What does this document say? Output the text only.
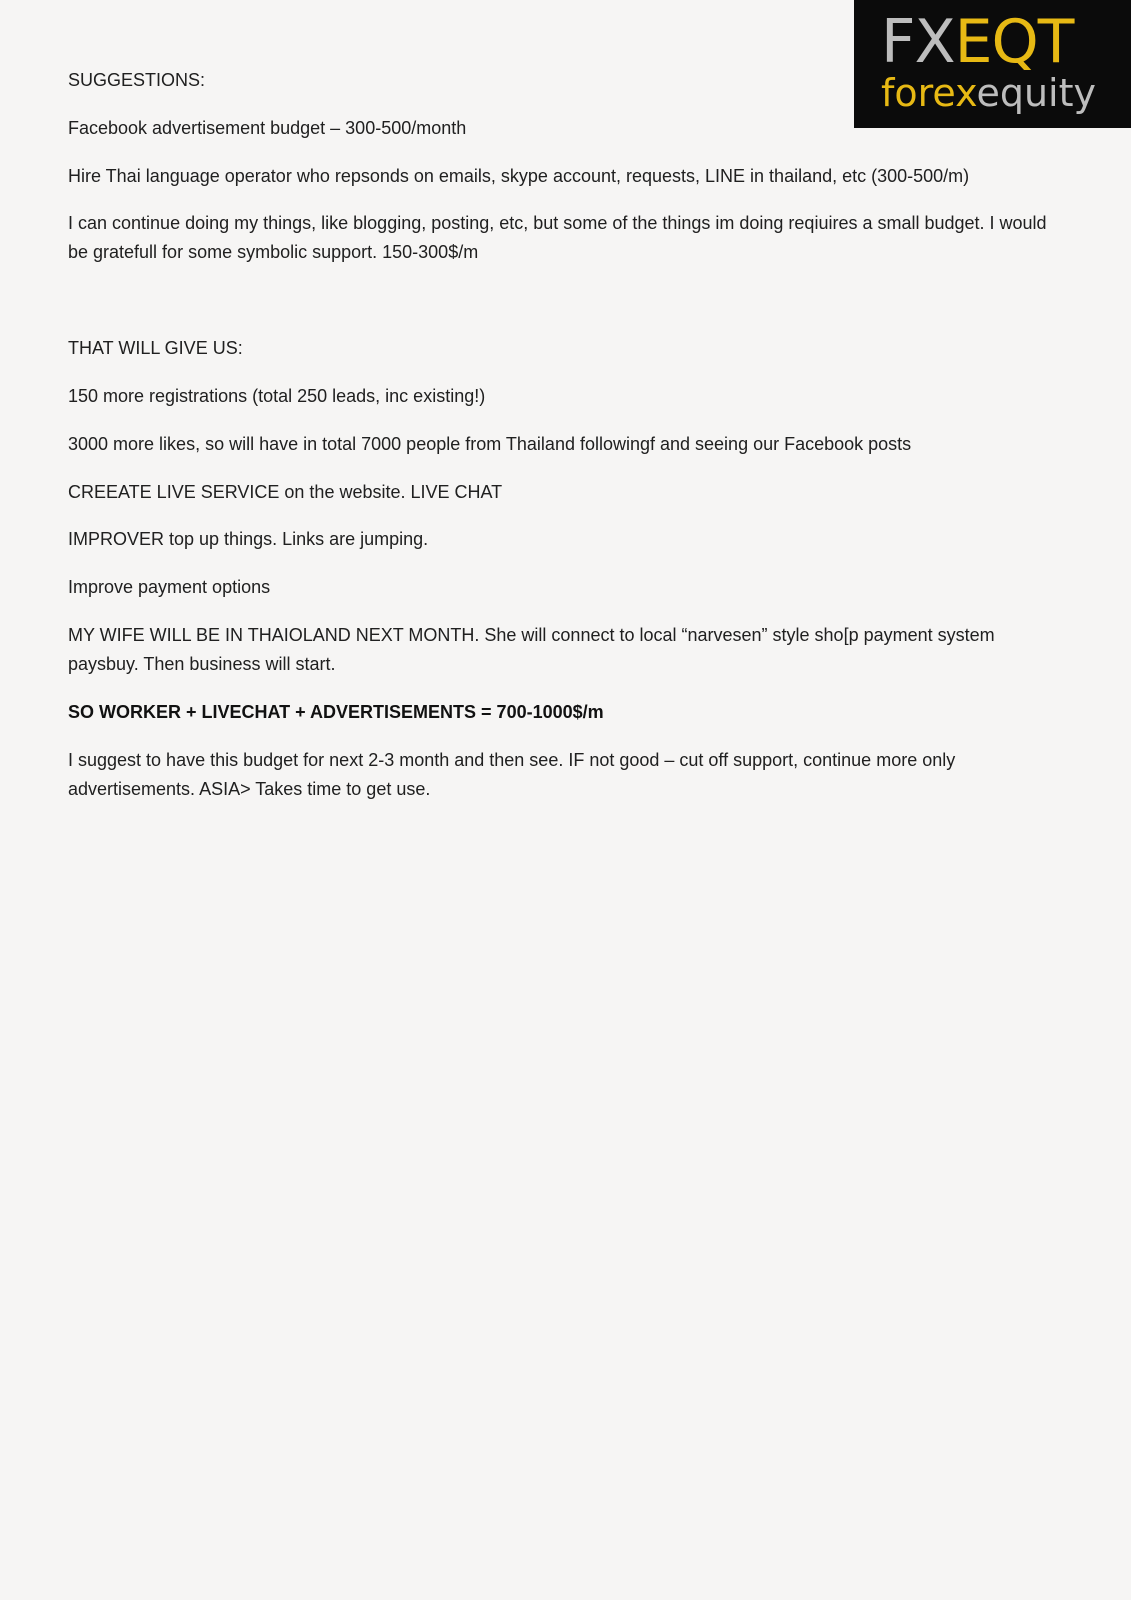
FXEQT
forexequity

SUGGESTIONS:

Facebook advertisement budget – 300-500/month

Hire Thai language operator who repsonds on emails, skype account, requests, LINE in thailand, etc (300-500/m)

I can continue doing my things, like blogging, posting, etc, but some of the things im doing reqiuires a small budget. I would be gratefull for some symbolic support. 150-300$/m

THAT WILL GIVE US:

150 more registrations (total 250 leads, inc existing!)

3000 more likes, so will have in total 7000 people from Thailand followingf and seeing our Facebook posts

CREEATE LIVE SERVICE on the website. LIVE CHAT

IMPROVER top up things. Links are jumping.

Improve payment options

MY WIFE WILL BE IN THAIOLAND NEXT MONTH. She will connect to local “narvesen” style sho[p payment system paysbuy. Then business will start.

SO WORKER + LIVECHAT + ADVERTISEMENTS = 700-1000$/m

I suggest to have this budget for next 2-3 month and then see. IF not good – cut off support, continue more only advertisements. ASIA> Takes time to get use.
